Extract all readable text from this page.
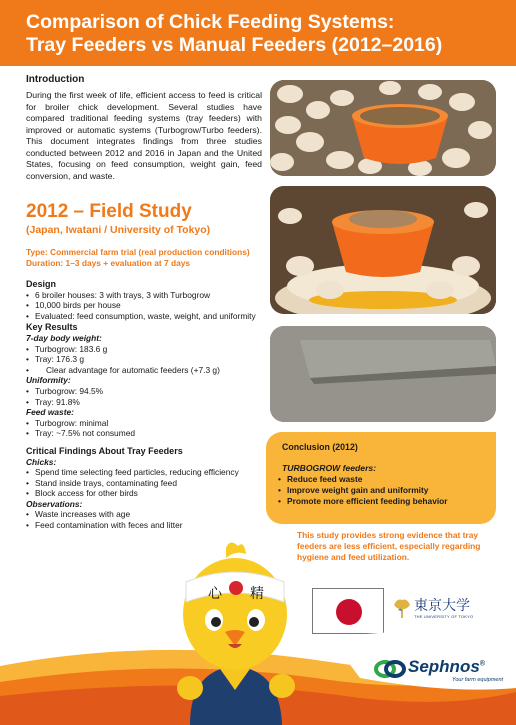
Comparison of Chick Feeding Systems:
Tray Feeders vs Manual Feeders (2012–2016)
Introduction
During the first week of life, efficient access to feed is critical for broiler chick development. Several studies have compared traditional feeding systems (tray feeders) with improved or automatic systems (Turbogrow/Turbo feeders). This document integrates findings from three studies conducted between 2012 and 2016 in Japan and the United States, focusing on feed consumption, weight gain, feed conversion, and waste.
2012 – Field Study
(Japan, Iwatani / University of Tokyo)
Type: Commercial farm trial (real production conditions)
Duration: 1–3 days + evaluation at 7 days
Design
• 6 broiler houses: 3 with trays, 3 with Turbogrow
• 10,000 birds per house
• Evaluated: feed consumption, waste, weight, and uniformity
Key Results
7-day body weight:
• Turbogrow: 183.6 g
• Tray: 176.3 g
• Clear advantage for automatic feeders (+7.3 g)
Uniformity:
• Turbogrow: 94.5%
• Tray: 91.8%
Feed waste:
• Turbogrow: minimal
• Tray: ~7.5% not consumed
Critical Findings About Tray Feeders
Chicks:
• Spend time selecting feed particles, reducing efficiency
• Stand inside trays, contaminating feed
• Block access for other birds
Observations:
• Waste increases with age
• Feed contamination with feces and litter
Conclusion (2012)
TURBOGROW feeders:
• Reduce feed waste
• Improve weight gain and uniformity
• Promote more efficient feeding behavior
This study provides strong evidence that tray feeders are less efficient, especially regarding hygiene and feed utilization.
東京大学
THE UNIVERSITY OF TOKYO
Sephnos®
Your farm equipment
心 精
